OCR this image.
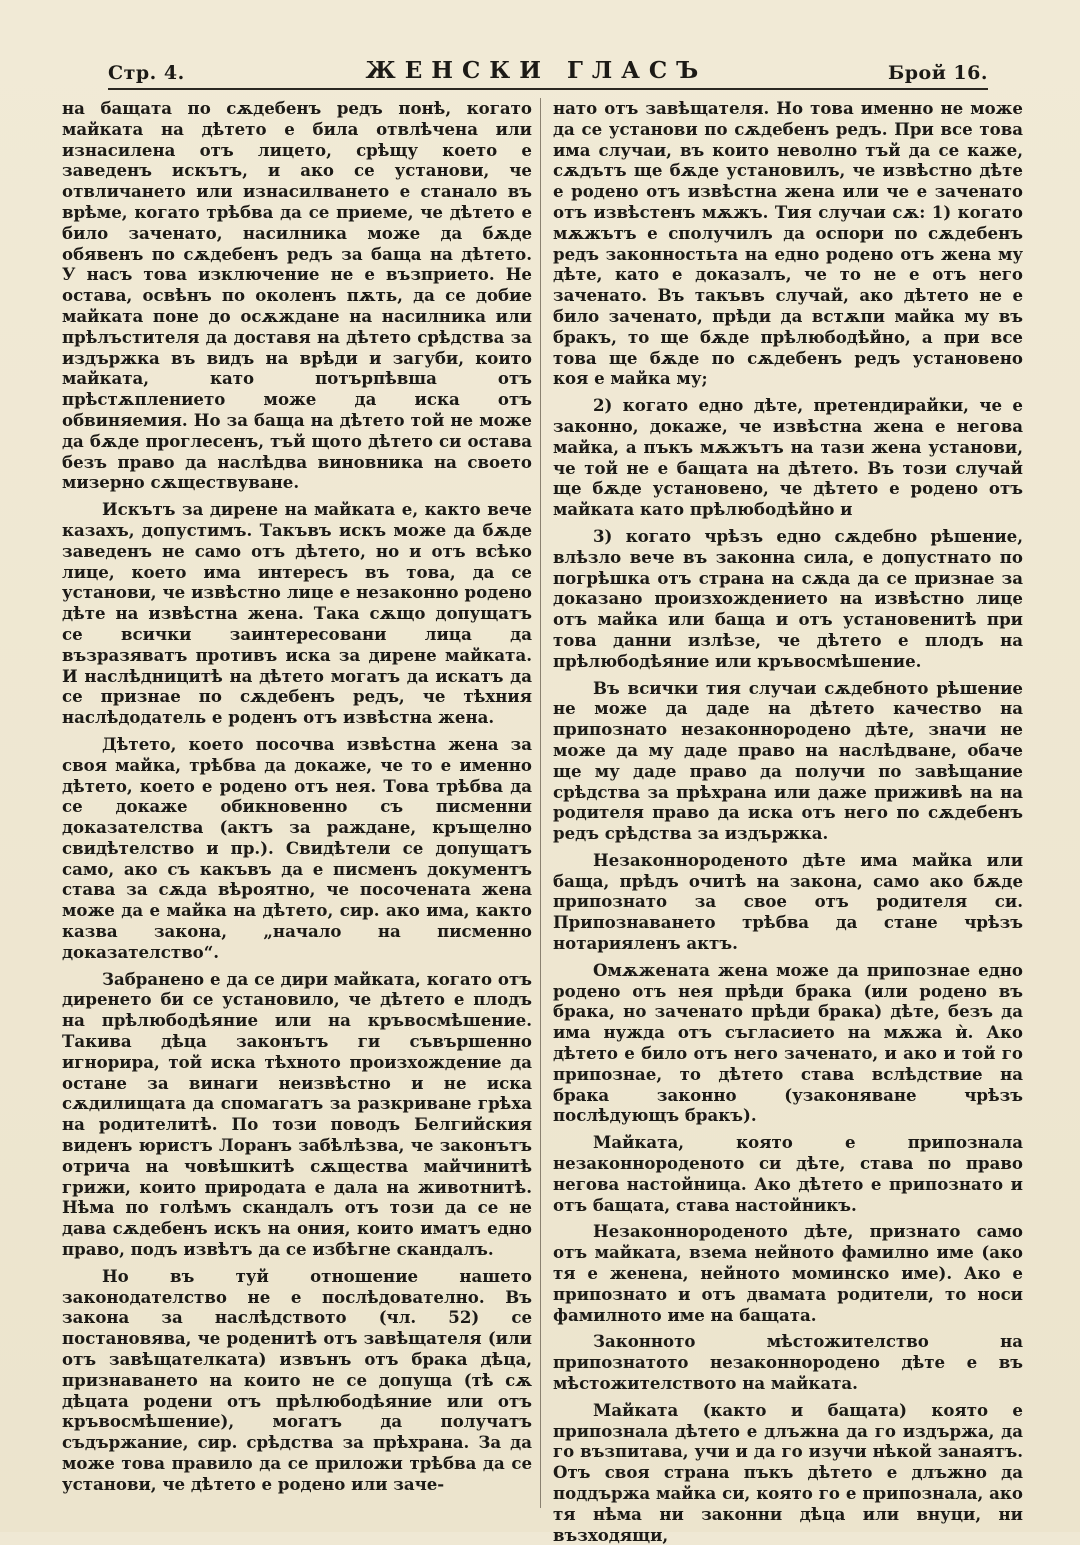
Стр. 4.	ЖЕНСКИ ГЛАСЪ	Брой 16.

на бащата по сѫдебенъ редъ понѣ, когато майката на дѣтето е била отвлѣчена или изнасилена отъ лицето, срѣщу което е заведенъ искътъ, и ако се установи, че отвличането или изнасилването е станало въ врѣме, когато трѣбва да се приеме, че дѣтето е било заченато, насилника може да бѫде обявенъ по сѫдебенъ редъ за баща на дѣтето. У насъ това изключение не е възприето. Не остава, освѣнъ по околенъ пѫть, да се добие майката поне до осѫждане на насилника или прѣлъстителя да доставя на дѣтето срѣдства за издържка въ видъ на врѣди и загуби, които майката, като потърпѣвша отъ прѣстѫплението може да иска отъ обвиняемия. Но за баща на дѣтето той не може да бѫде проглесенъ, тъй щото дѣтето си остава безъ право да наслѣдва виновника на своето мизерно сѫществуване.

Искътъ за дирене на майката е, както вече казахъ, допустимъ. Такъвъ искъ може да бѫде заведенъ не само отъ дѣтето, но и отъ всѣко лице, което има интересъ въ това, да се установи, че извѣстно лице е незаконно родено дѣте на извѣстна жена. Така сѫщо допущатъ се всички заинтересовани лица да възразяватъ противъ иска за дирене майката. И наслѣдницитѣ на дѣтето могатъ да искатъ да се признае по сѫдебенъ редъ, че тѣхния наслѣдодатель е роденъ отъ извѣстна жена.

Дѣтето, което посочва извѣстна жена за своя майка, трѣбва да докаже, че то е именно дѣтето, което е родено отъ нея. Това трѣбва да се докаже обикновенно съ писменни доказателства (актъ за раждане, кръщелно свидѣтелство и пр.). Свидѣтели се допущатъ само, ако съ какъвъ да е писменъ документъ става за сѫда вѣроятно, че посочената жена може да е майка на дѣтето, сир. ако има, както казва закона, „начало на писменно доказателство“.

Забранено е да се дири майката, когато отъ диренето би се установило, че дѣтето е плодъ на прѣлюбодѣяние или на кръвосмѣшение. Такива дѣца законътъ ги съвършенно игнорира, той иска тѣхното произхождение да остане за винаги неизвѣстно и не иска сѫдилищата да спомагатъ за разкриване грѣха на родителитѣ. По този поводъ Белгийския виденъ юристъ Лоранъ забѣлѣзва, че законътъ отрича на човѣшкитѣ сѫщества майчинитѣ грижи, които природата е дала на животнитѣ. Нѣма по голѣмъ скандалъ отъ този да се не дава сѫдебенъ искъ на ония, които иматъ едно право, подъ извѣтъ да се избѣгне скандалъ.

Но въ туй отношение нашето законодателство не е послѣдователно. Въ закона за наслѣдството (чл. 52) се постановява, че роденитѣ отъ завѣщателя (или отъ завѣщателката) извънъ отъ брака дѣца, признаването на които не се допуща (тѣ сѫ дѣцата родени отъ прѣлюбодѣяние или отъ кръвосмѣшение), могатъ да получатъ съдържание, сир. срѣдства за прѣхрана. За да може това правило да се приложи трѣбва да се установи, че дѣтето е родено или заче-

нато отъ завѣщателя. Но това именно не може да се установи по сѫдебенъ редъ. При все това има случаи, въ които неволно тъй да се каже, сѫдътъ ще бѫде установилъ, че извѣстно дѣте е родено отъ извѣстна жена или че е заченато отъ извѣстенъ мѫжъ. Тия случаи сѫ: 1) когато мѫжътъ е сполучилъ да оспори по сѫдебенъ редъ законностьта на едно родено отъ жена му дѣте, като е доказалъ, че то не е отъ него заченато. Въ такъвъ случай, ако дѣтето не е било заченато, прѣди да встѫпи майка му въ бракъ, то ще бѫде прѣлюбодѣйно, а при все това ще бѫде по сѫдебенъ редъ установено коя е майка му;

2) когато едно дѣте, претендирайки, че е законно, докаже, че извѣстна жена е негова майка, а пъкъ мѫжътъ на тази жена установи, че той не е бащата на дѣтето. Въ този случай ще бѫде установено, че дѣтето е родено отъ майката като прѣлюбодѣйно и

3) когато чрѣзъ едно сѫдебно рѣшение, влѣзло вече въ законна сила, е допустнато по погрѣшка отъ страна на сѫда да се признае за доказано произхождението на извѣстно лице отъ майка или баща и отъ установенитѣ при това данни излѣзе, че дѣтето е плодъ на прѣлюбодѣяние или кръвосмѣшение.

Въ всички тия случаи сѫдебното рѣшение не може да даде на дѣтето качество на припознато незаконнородено дѣте, значи не може да му даде право на наслѣдване, обаче ще му даде право да получи по завѣщание срѣдства за прѣхрана или даже приживѣ на на родителя право да иска отъ него по сѫдебенъ редъ срѣдства за издържка.

Незаконнороденото дѣте има майка или баща, прѣдъ очитѣ на закона, само ако бѫде припознато за свое отъ родителя си. Припознаването трѣбва да стане чрѣзъ нотарияленъ актъ.

Омѫжената жена може да припознае едно родено отъ нея прѣди брака (или родено въ брака, но заченато прѣди брака) дѣте, безъ да има нужда отъ съгласието на мѫжа ѝ. Ако дѣтето е било отъ него заченато, и ако и той го припознае, то дѣтето става вслѣдствие на брака законно (узаконяване чрѣзъ послѣдующъ бракъ).

Майката, която е припознала незаконнороденото си дѣте, става по право негова настойница. Ако дѣтето е припознато и отъ бащата, става настойникъ.

Незаконнороденото дѣте, признато само отъ майката, взема нейното фамилно име (ако тя е женена, нейното моминско име). Ако е припознато и отъ двамата родители, то носи фамилното име на бащата.

Законното мѣстожителство на припознатото незаконнородено дѣте е въ мѣстожителството на майката.

Майката (както и бащата) която е припознала дѣтето е длъжна да го издържа, да го възпитава, учи и да го изучи нѣкой занаятъ. Отъ своя страна пъкъ дѣтето е длъжно да поддържа майка си, която го е припознала, ако тя нѣма ни законни дѣца или внуци, ни възходящи,
